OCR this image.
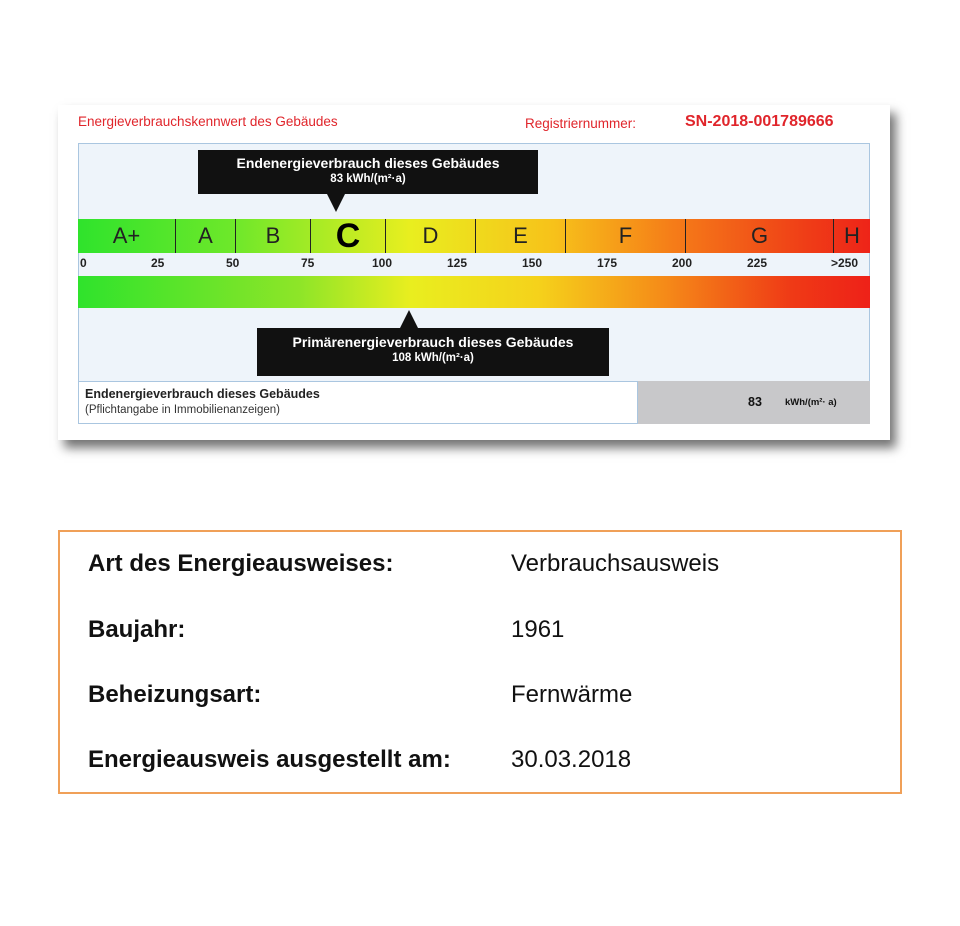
Energieverbrauchskennwert des Gebäudes	Registriernummer:	SN-2018-001789666
Endenergieverbrauch dieses Gebäudes
83 kWh/(m²·a)
A+	A	B	C	D	E	F	G	H
0	25	50	75	100	125	150	175	200	225	>250
Primärenergieverbrauch dieses Gebäudes
108 kWh/(m²·a)
Endenergieverbrauch dieses Gebäudes
(Pflichtangabe in Immobilienanzeigen)
83 kWh/(m²· a)
Art des Energieausweises:	Verbrauchsausweis
Baujahr:	1961
Beheizungsart:	Fernwärme
Energieausweis ausgestellt am:	30.03.2018
